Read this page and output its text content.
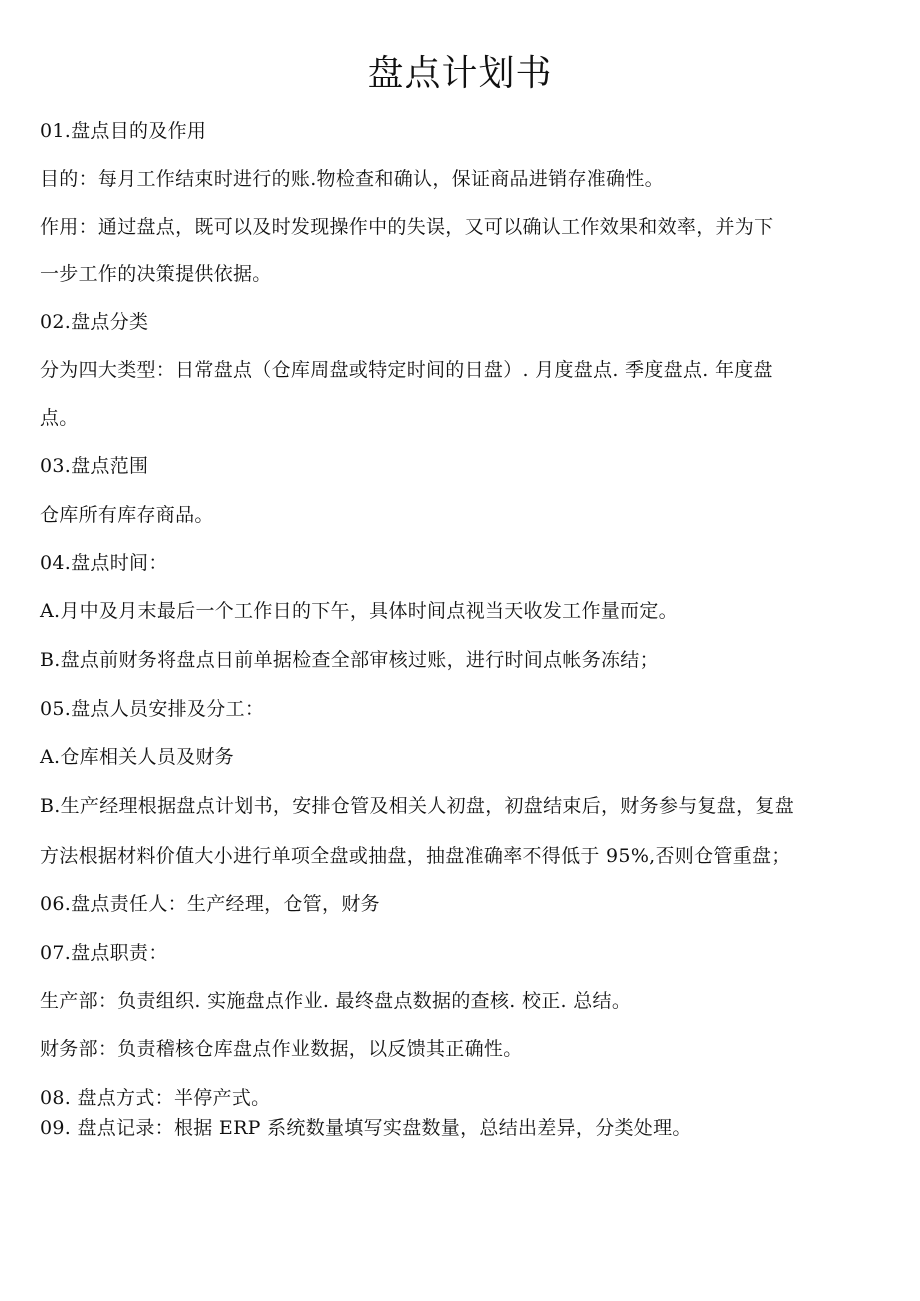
盘点计划书
01.盘点目的及作用
目的：每月工作结束时进行的账.物检查和确认，保证商品进销存准确性。
作用：通过盘点，既可以及时发现操作中的失误，又可以确认工作效果和效率，并为下
一步工作的决策提供依据。
02.盘点分类
分为四大类型：日常盘点（仓库周盘或特定时间的日盘）. 月度盘点. 季度盘点. 年度盘
点。
03.盘点范围
仓库所有库存商品。
04.盘点时间：
A.月中及月末最后一个工作日的下午，具体时间点视当天收发工作量而定。
B.盘点前财务将盘点日前单据检查全部审核过账，进行时间点帐务冻结；
05.盘点人员安排及分工：
A.仓库相关人员及财务
B.生产经理根据盘点计划书，安排仓管及相关人初盘，初盘结束后，财务参与复盘，复盘
方法根据材料价值大小进行单项全盘或抽盘，抽盘准确率不得低于 95%,否则仓管重盘；
06.盘点责任人：生产经理，仓管，财务
07.盘点职责：
生产部：负责组织. 实施盘点作业. 最终盘点数据的查核. 校正. 总结。
财务部：负责稽核仓库盘点作业数据，以反馈其正确性。
08. 盘点方式：半停产式。
09. 盘点记录：根据 ERP 系统数量填写实盘数量，总结出差异，分类处理。
